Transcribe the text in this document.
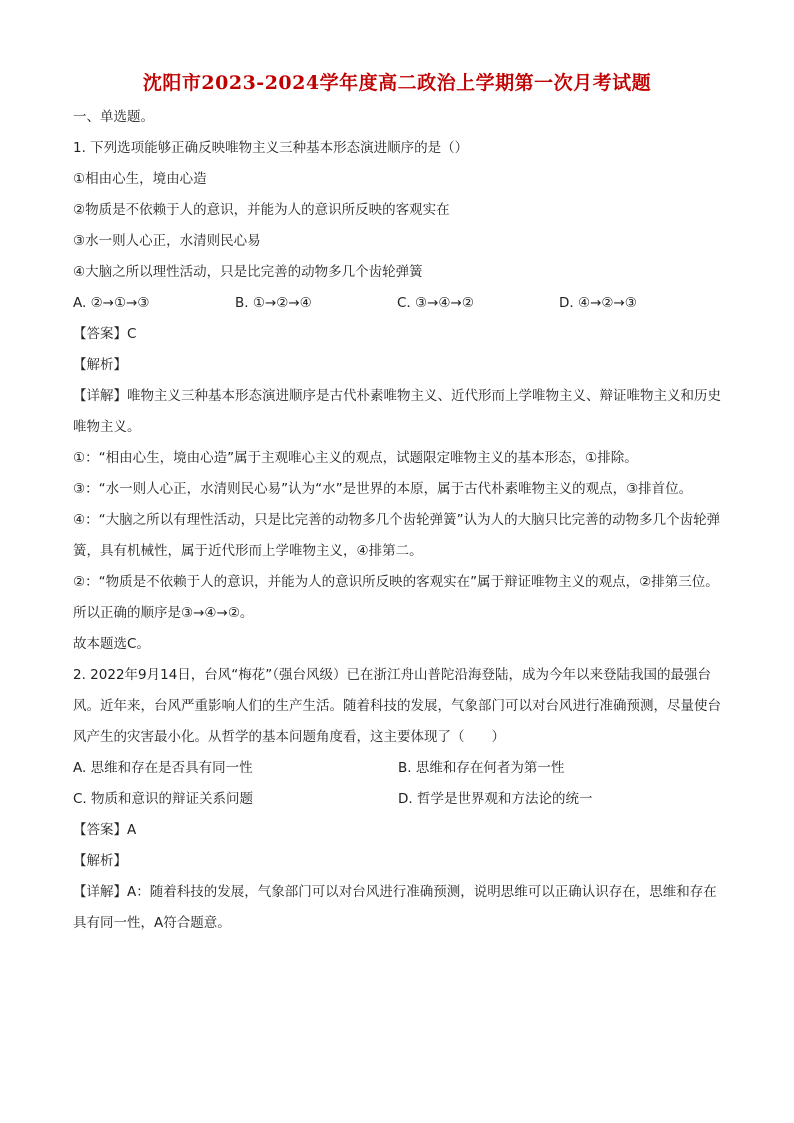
沈阳市2023-2024学年度高二政治上学期第一次月考试题
一、单选题。
1. 下列选项能够正确反映唯物主义三种基本形态演进顺序的是（）
①相由心生，境由心造
②物质是不依赖于人的意识，并能为人的意识所反映的客观实在
③水一则人心正，水清则民心易
④大脑之所以理性活动，只是比完善的动物多几个齿轮弹簧
A. ②→①→③	B. ①→②→④	C. ③→④→②	D. ④→②→③
【答案】C
【解析】
【详解】唯物主义三种基本形态演进顺序是古代朴素唯物主义、近代形而上学唯物主义、辩证唯物主义和历史唯物主义。
①：“相由心生，境由心造”属于主观唯心主义的观点，试题限定唯物主义的基本形态，①排除。
③：“水一则人心正，水清则民心易”认为“水”是世界的本原，属于古代朴素唯物主义的观点，③排首位。
④：“大脑之所以有理性活动，只是比完善的动物多几个齿轮弹簧”认为人的大脑只比完善的动物多几个齿轮弹簧，具有机械性，属于近代形而上学唯物主义，④排第二。
②：“物质是不依赖于人的意识，并能为人的意识所反映的客观实在”属于辩证唯物主义的观点，②排第三位。
所以正确的顺序是③→④→②。
故本题选C。
2. 2022年9月14日，台风“梅花”（强台风级）已在浙江舟山普陀沿海登陆，成为今年以来登陆我国的最强台风。近年来，台风严重影响人们的生产生活。随着科技的发展，气象部门可以对台风进行准确预测，尽量使台风产生的灾害最小化。从哲学的基本问题角度看，这主要体现了（　　）
A. 思维和存在是否具有同一性	B. 思维和存在何者为第一性
C. 物质和意识的辩证关系问题	D. 哲学是世界观和方法论的统一
【答案】A
【解析】
【详解】A：随着科技的发展，气象部门可以对台风进行准确预测，说明思维可以正确认识存在，思维和存在具有同一性，A符合题意。
